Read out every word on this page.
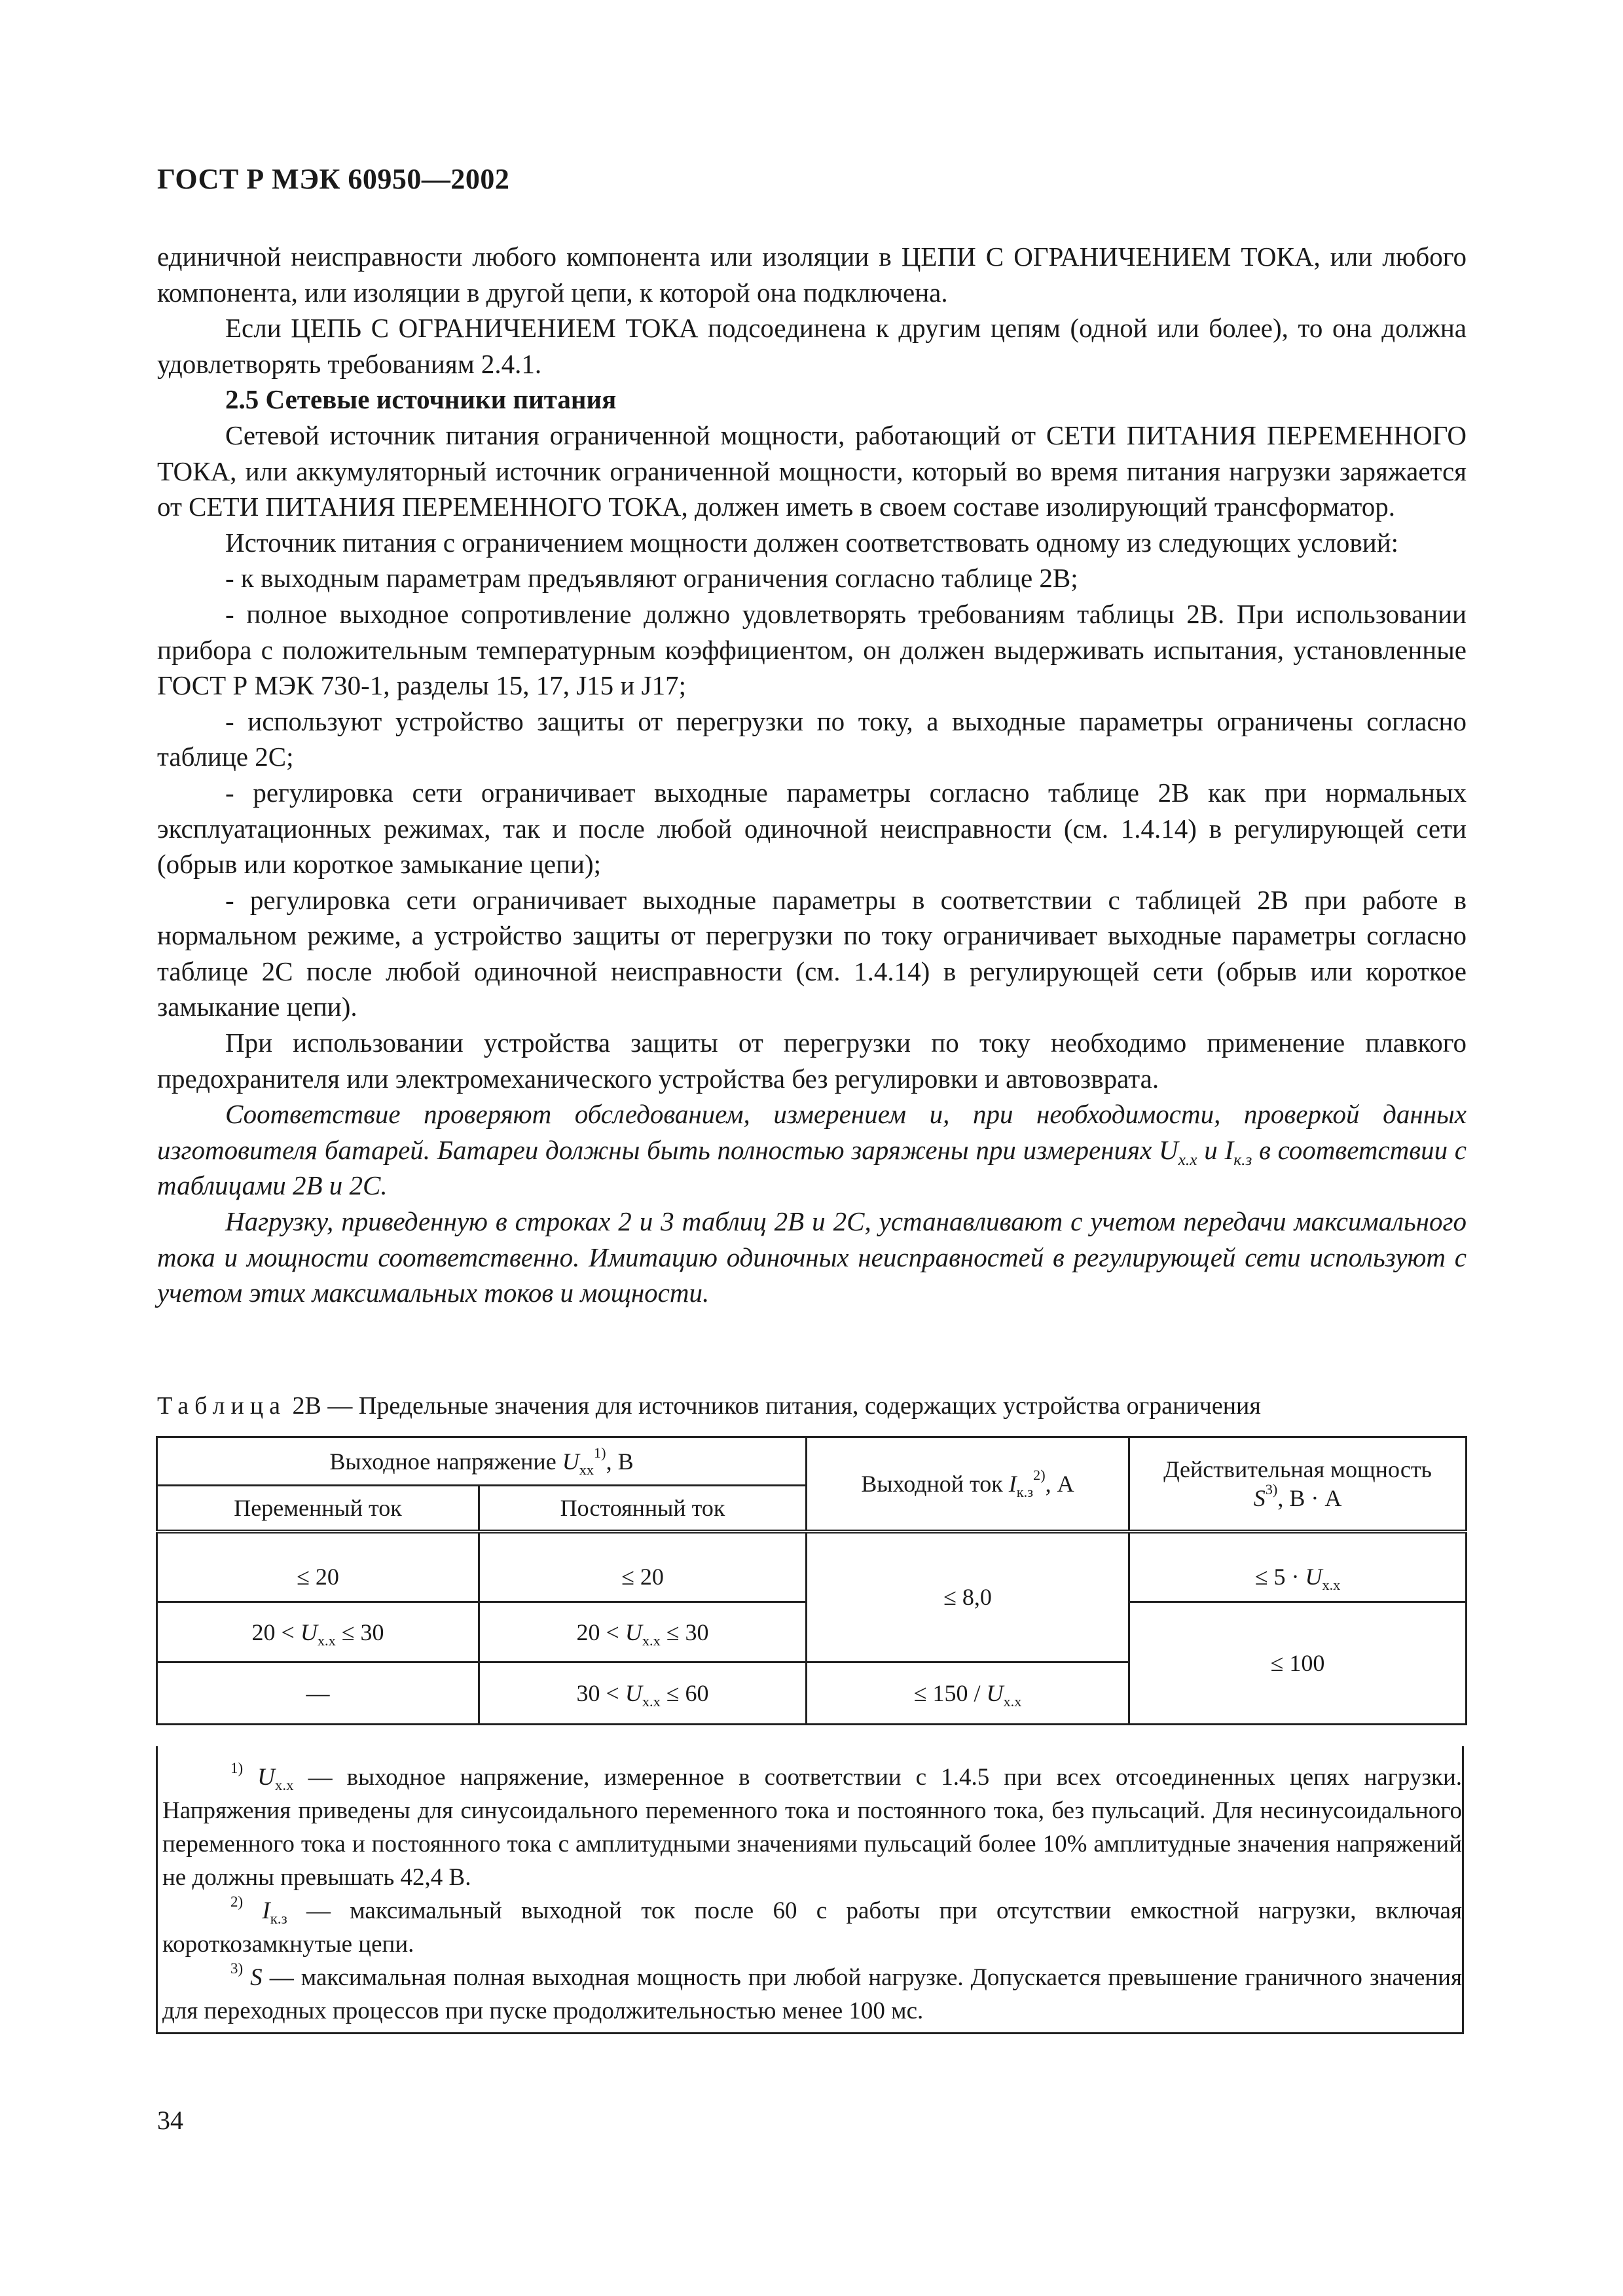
ГОСТ Р МЭК 60950—2002

единичной неисправности любого компонента или изоляции в ЦЕПИ С ОГРАНИЧЕНИЕМ ТОКА, или любого компонента, или изоляции в другой цепи, к которой она подключена.

Если ЦЕПЬ С ОГРАНИЧЕНИЕМ ТОКА подсоединена к другим цепям (одной или более), то она должна удовлетворять требованиям 2.4.1.

2.5 Сетевые источники питания

Сетевой источник питания ограниченной мощности, работающий от СЕТИ ПИТАНИЯ ПЕРЕМЕННОГО ТОКА, или аккумуляторный источник ограниченной мощности, который во время питания нагрузки заряжается от СЕТИ ПИТАНИЯ ПЕРЕМЕННОГО ТОКА, должен иметь в своем составе изолирующий трансформатор.

Источник питания с ограничением мощности должен соответствовать одному из следующих условий:

- к выходным параметрам предъявляют ограничения согласно таблице 2В;

- полное выходное сопротивление должно удовлетворять требованиям таблицы 2В. При использовании прибора с положительным температурным коэффициентом, он должен выдерживать испытания, установленные ГОСТ Р МЭК 730-1, разделы 15, 17, J15 и J17;

- используют устройство защиты от перегрузки по току, а выходные параметры ограничены согласно таблице 2С;

- регулировка сети ограничивает выходные параметры согласно таблице 2В как при нормальных эксплуатационных режимах, так и после любой одиночной неисправности (см. 1.4.14) в регулирующей сети (обрыв или короткое замыкание цепи);

- регулировка сети ограничивает выходные параметры в соответствии с таблицей 2В при работе в нормальном режиме, а устройство защиты от перегрузки по току ограничивает выходные параметры согласно таблице 2С после любой одиночной неисправности (см. 1.4.14) в регулирующей сети (обрыв или короткое замыкание цепи).

При использовании устройства защиты от перегрузки по току необходимо применение плавкого предохранителя или электромеханического устройства без регулировки и автовозврата.

Соответствие проверяют обследованием, измерением и, при необходимости, проверкой данных изготовителя батарей. Батареи должны быть полностью заряжены при измерениях $U_{х.х}$ и $I_{к.з}$ в соответствии с таблицами 2В и 2С.

Нагрузку, приведенную в строках 2 и 3 таблиц 2В и 2С, устанавливают с учетом передачи максимального тока и мощности соответственно. Имитацию одиночных неисправностей в регулирующей сети используют с учетом этих максимальных токов и мощности.

Таблица 2В — Предельные значения для источников питания, содержащих устройства ограничения
Выходное напряжение $U_{хх}^{1)}$, В		Выходной ток $I_{к.з}^{2)}$, А	Действительная мощность
$S^{3)}$, В · А
Переменный ток	Постоянный ток		
≤ 20	≤ 20	≤ 8,0	≤ $5 \cdot U_{х.х}$
$20 < U_{х.х} \le 30$	$20 < U_{х.х} \le 30$		≤ 100
—	$30 < U_{х.х} \le 60$	≤ $150 / U_{х.х}$

$^{1)}$ $U_{х.х}$ — выходное напряжение, измеренное в соответствии с 1.4.5 при всех отсоединенных цепях нагрузки. Напряжения приведены для синусоидального переменного тока и постоянного тока, без пульсаций. Для несинусоидального переменного тока и постоянного тока с амплитудными значениями пульсаций более 10% амплитудные значения напряжений не должны превышать 42,4 В.

$^{2)}$ $I_{к.з}$ — максимальный выходной ток после 60 с работы при отсутствии емкостной нагрузки, включая короткозамкнутые цепи.

$^{3)}$ S — максимальная полная выходная мощность при любой нагрузке. Допускается превышение граничного значения для переходных процессов при пуске продолжительностью менее 100 мс.

34
